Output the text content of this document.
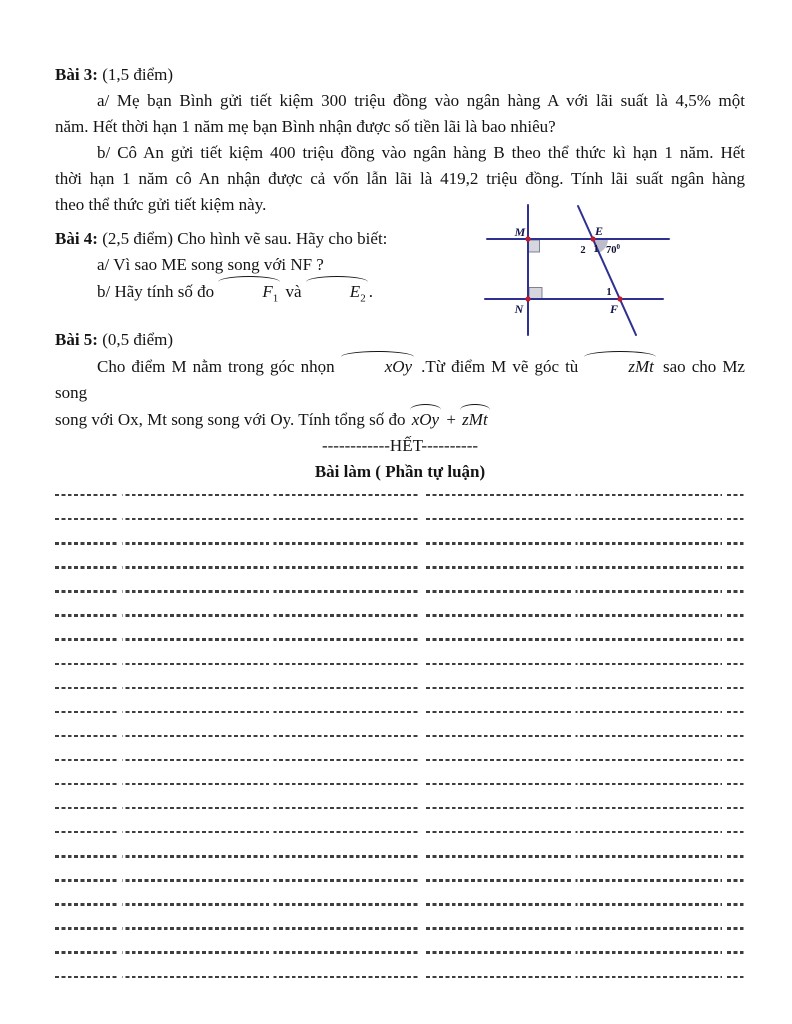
Bài 3: (1,5 điểm)
a/ Mẹ bạn Bình gửi tiết kiệm 300 triệu đồng vào ngân hàng A với lãi suất là 4,5% một
năm. Hết thời hạn 1 năm mẹ bạn Bình nhận được số tiền lãi là bao nhiêu?
b/ Cô An gửi tiết kiệm 400 triệu đồng vào ngân hàng B theo thể thức kì hạn 1 năm. Hết
thời hạn 1 năm cô An nhận được cả vốn lẫn lãi là 419,2 triệu đồng. Tính lãi suất ngân hàng
theo thể thức gửi tiết kiệm này.
Bài 4: (2,5 điểm) Cho hình vẽ sau. Hãy cho biết:
a/ Vì sao ME song song với NF ?
b/ Hãy tính số đo	$F_1$ và	$E_2$ .
Bài 5: (0,5 điểm)
Cho điểm M nằm trong góc nhọn	xOy .Từ điểm M vẽ góc tù	zMt sao cho Mz song
song với Ox, Mt song song với Oy. Tính tổng số đo xOy + zMt
------------HẾT----------
Bài làm ( Phần tự luận)
M	E
N	F
2 1
1
$70^0$
